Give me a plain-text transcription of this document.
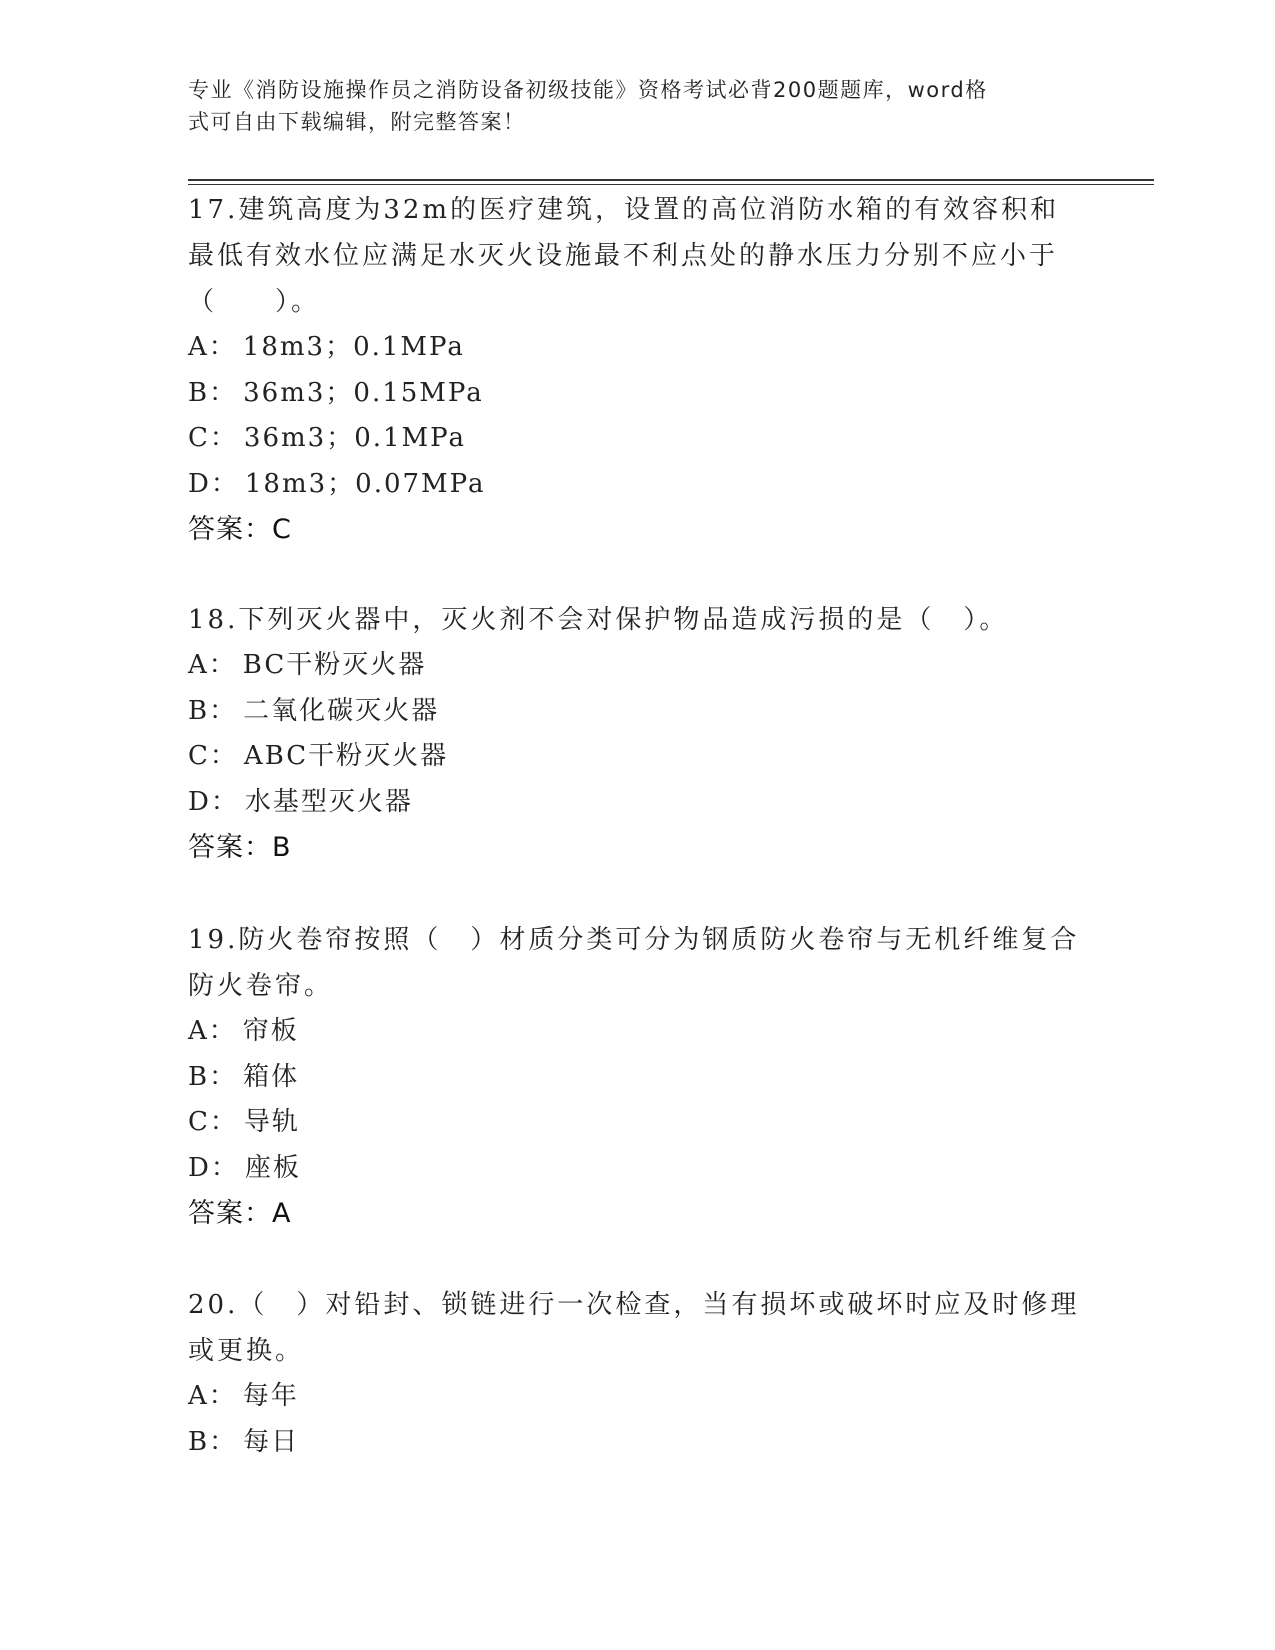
专业《消防设施操作员之消防设备初级技能》资格考试必背200题题库，word格
式可自由下载编辑，附完整答案！

17.建筑高度为32m的医疗建筑，设置的高位消防水箱的有效容积和最低有效水位应满足水灭火设施最不利点处的静水压力分别不应小于（　　）。

A： 18m3；0.1MPa

B： 36m3；0.15MPa

C： 36m3；0.1MPa

D： 18m3；0.07MPa

答案：C

18.下列灭火器中，灭火剂不会对保护物品造成污损的是（　）。

A： BC干粉灭火器

B： 二氧化碳灭火器

C： ABC干粉灭火器

D： 水基型灭火器

答案：B

19.防火卷帘按照（　）材质分类可分为钢质防火卷帘与无机纤维复合防火卷帘。

A： 帘板

B： 箱体

C： 导轨

D： 座板

答案：A

20.（　）对铅封、锁链进行一次检查，当有损坏或破坏时应及时修理或更换。

A： 每年

B： 每日
